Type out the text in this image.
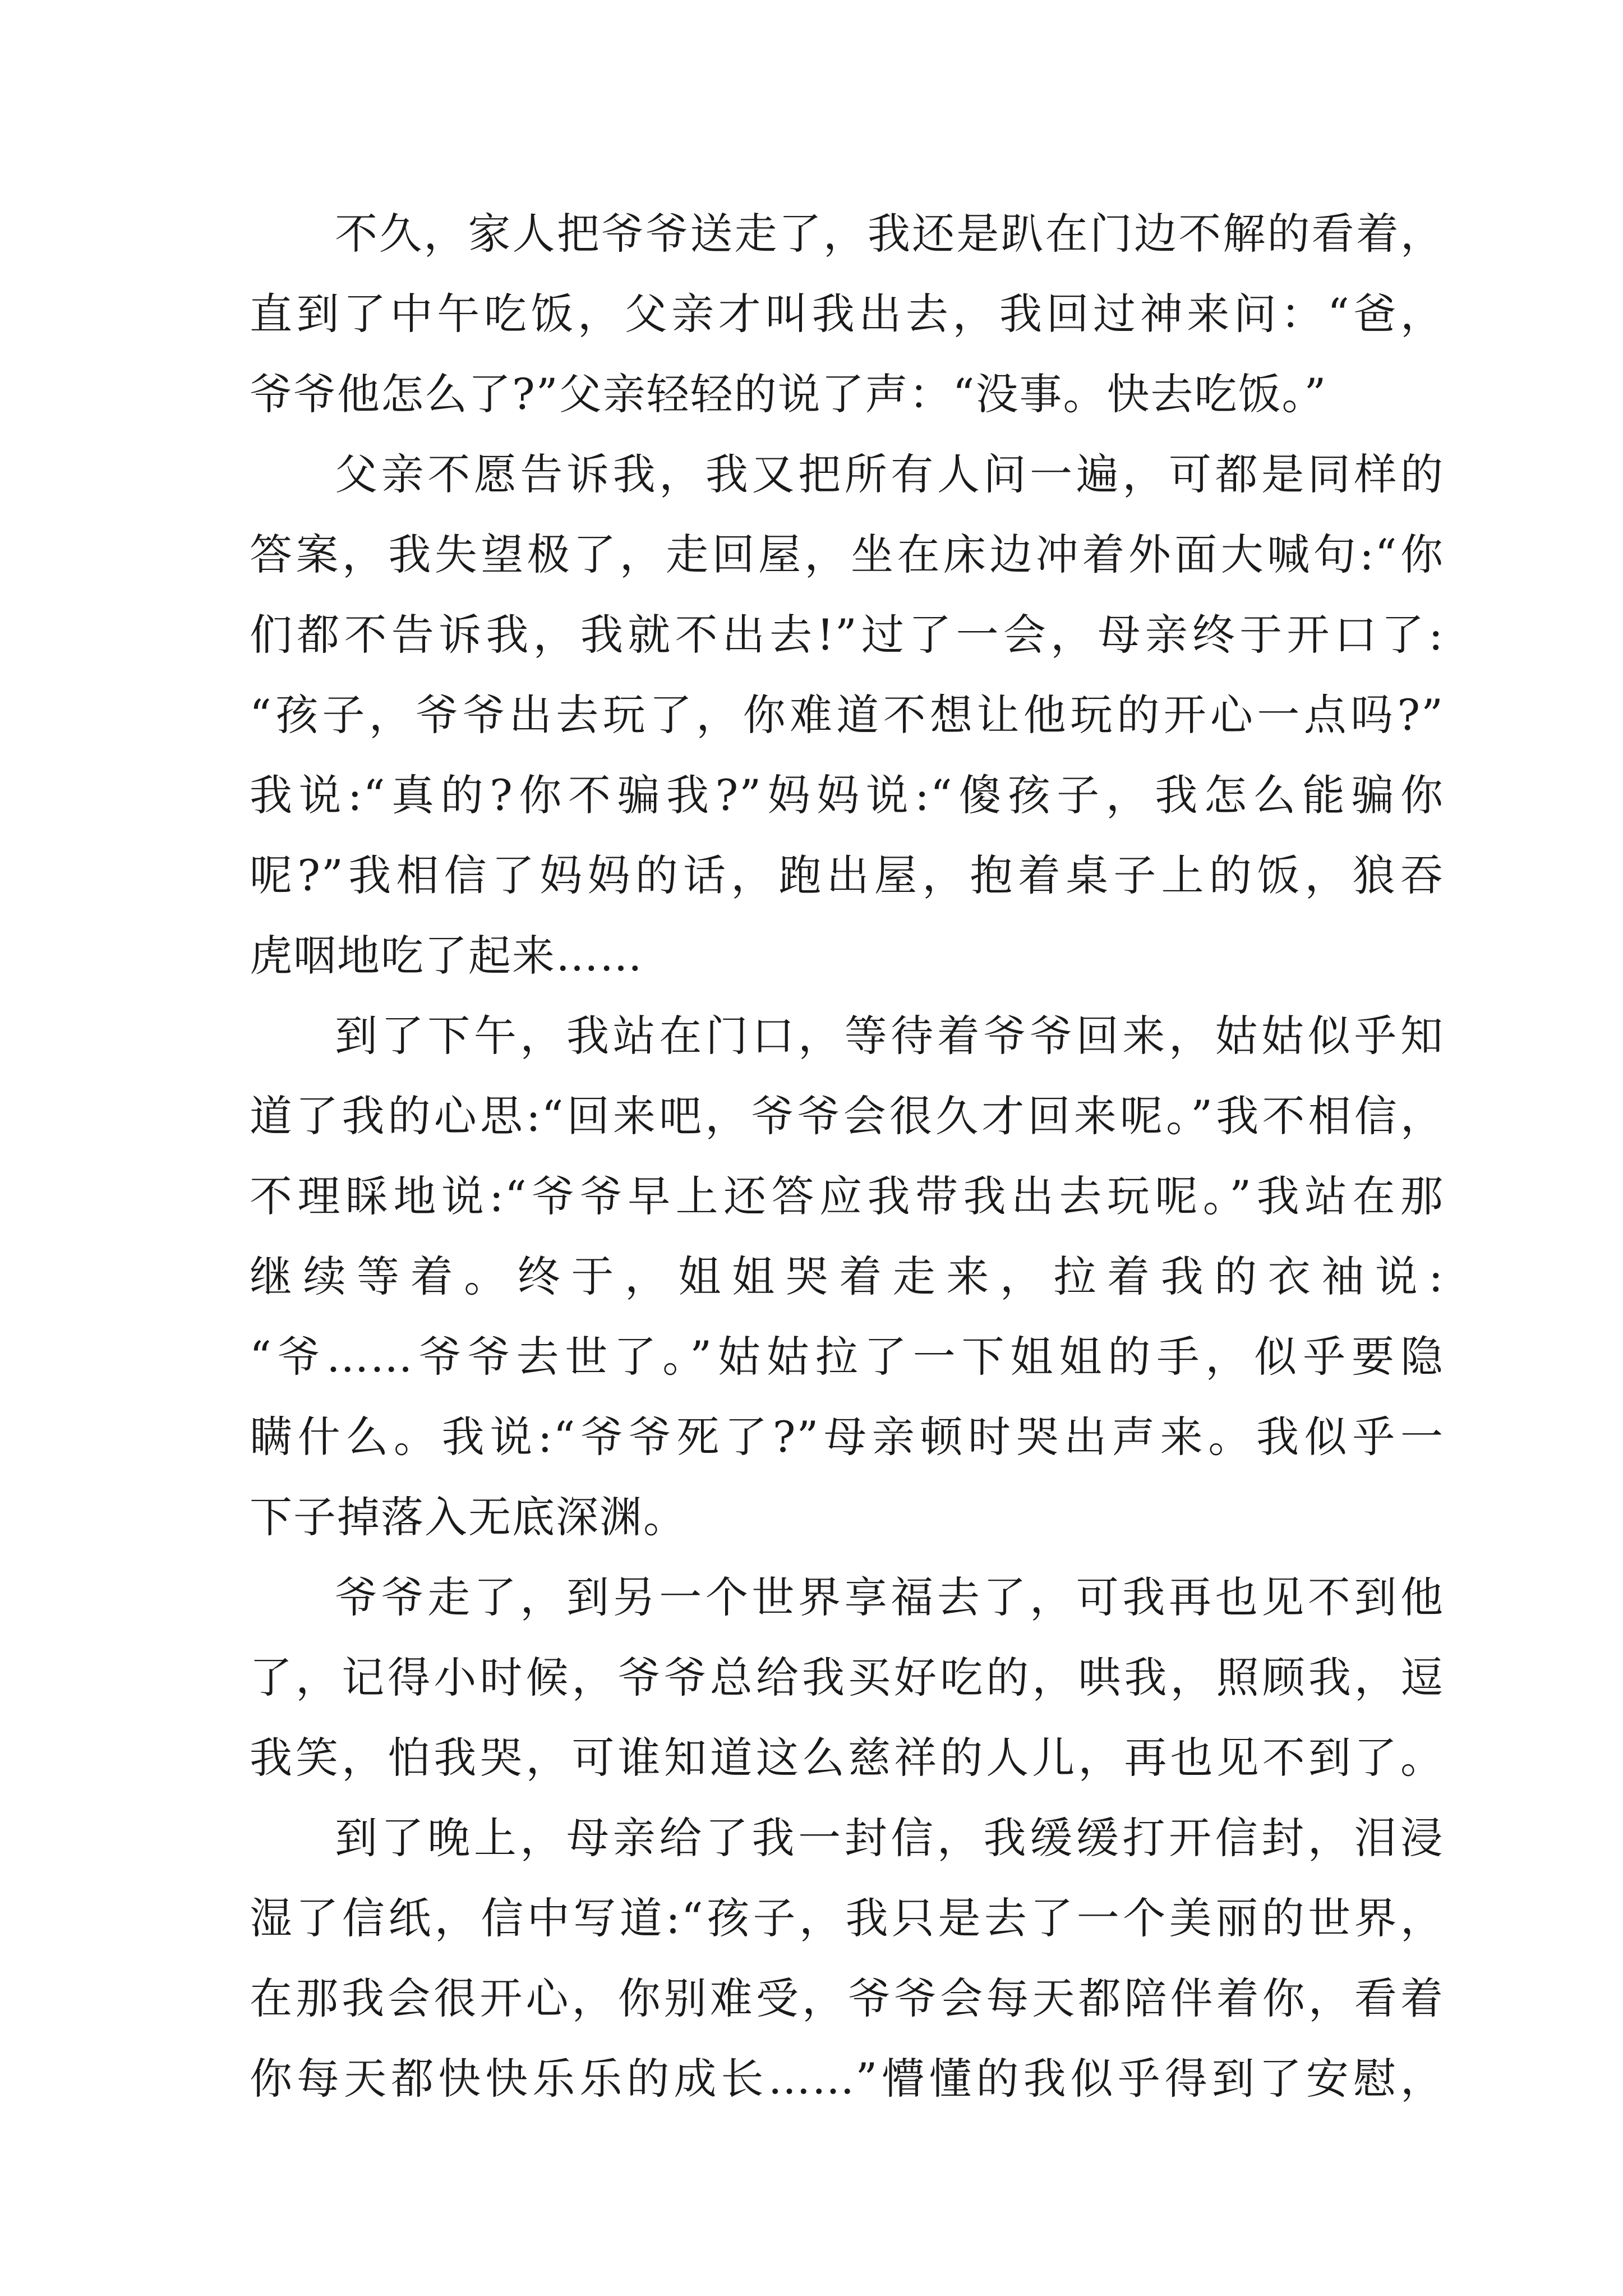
不久，家人把爷爷送走了，我还是趴在门边不解的看着，
直到了中午吃饭，父亲才叫我出去，我回过神来问：“爸，
爷爷他怎么了?”父亲轻轻的说了声：“没事。快去吃饭。”
父亲不愿告诉我，我又把所有人问一遍，可都是同样的
答案，我失望极了，走回屋，坐在床边冲着外面大喊句:“你
们都不告诉我，我就不出去!”过了一会，母亲终于开口了:
“孩子，爷爷出去玩了，你难道不想让他玩的开心一点吗?”
我说:“真的?你不骗我?”妈妈说:“傻孩子，我怎么能骗你
呢?”我相信了妈妈的话，跑出屋，抱着桌子上的饭，狼吞
虎咽地吃了起来……
到了下午，我站在门口，等待着爷爷回来，姑姑似乎知
道了我的心思:“回来吧，爷爷会很久才回来呢。”我不相信，
不理睬地说:“爷爷早上还答应我带我出去玩呢。”我站在那
继续等着。终于，姐姐哭着走来，拉着我的衣袖说:
“爷……爷爷去世了。”姑姑拉了一下姐姐的手，似乎要隐
瞒什么。我说:“爷爷死了?”母亲顿时哭出声来。我似乎一
下子掉落入无底深渊。
爷爷走了，到另一个世界享福去了，可我再也见不到他
了，记得小时候，爷爷总给我买好吃的，哄我，照顾我，逗
我笑，怕我哭，可谁知道这么慈祥的人儿，再也见不到了。
到了晚上，母亲给了我一封信，我缓缓打开信封，泪浸
湿了信纸，信中写道:“孩子，我只是去了一个美丽的世界，
在那我会很开心，你别难受，爷爷会每天都陪伴着你，看着
你每天都快快乐乐的成长……”懵懂的我似乎得到了安慰，
